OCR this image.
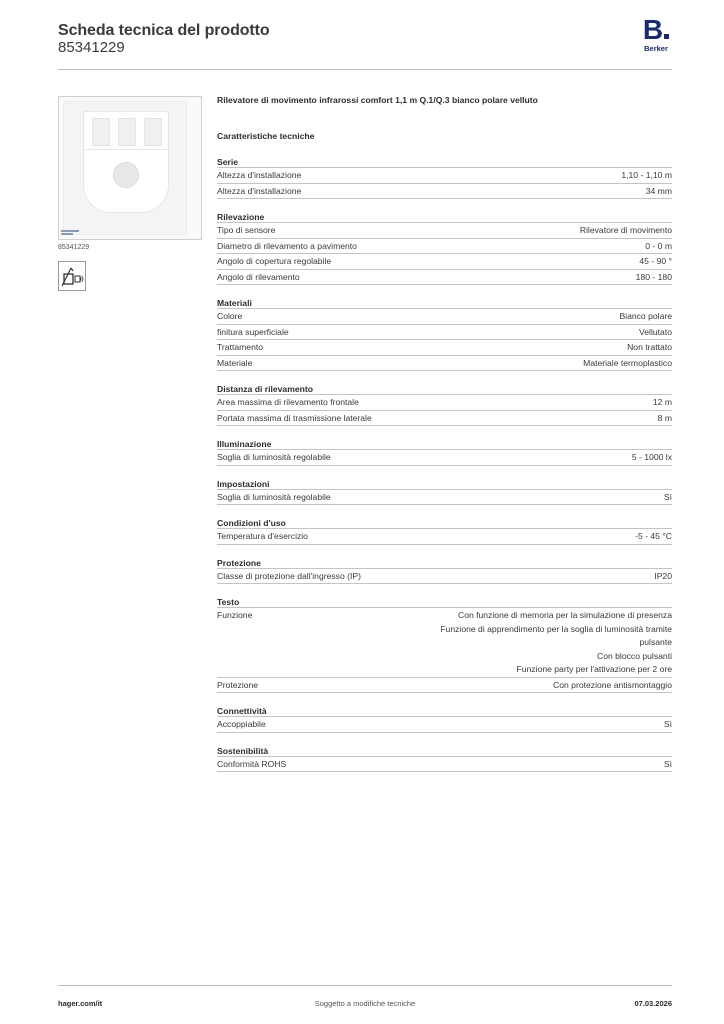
Scheda tecnica del prodotto
85341229
B
Berker
85341229
Rilevatore di movimento infrarossi comfort 1,1 m Q.1/Q.3 bianco polare velluto
Caratteristiche tecniche
Serie
Altezza d'installazione	1,10 - 1,10 m
Altezza d'installazione	34 mm
Rilevazione
Tipo di sensore	Rilevatore di movimento
Diametro di rilevamento a pavimento	0 - 0 m
Angolo di copertura regolabile	45 - 90 °
Angolo di rilevamento	180 - 180
Materiali
Colore	Bianco polare
finitura superficiale	Vellutato
Trattamento	Non trattato
Materiale	Materiale termoplastico
Distanza di rilevamento
Area massima di rilevamento frontale	12 m
Portata massima di trasmissione laterale	8 m
Illuminazione
Soglia di luminosità regolabile	5 - 1000 lx
Impostazioni
Soglia di luminosità regolabile	Sì
Condizioni d'uso
Temperatura d'esercizio	-5 - 45 °C
Protezione
Classe di protezione dall'ingresso (IP)	IP20
Testo
Funzione	Con funzione di memoria per la simulazione di presenza
Funzione di apprendimento per la soglia di luminosità tramite
pulsante
Con blocco pulsanti
Funzione party per l'attivazione per 2 ore
Protezione	Con protezione antismontaggio
Connettività
Accoppiabile	Sì
Sostenibilità
Conformità ROHS	Sì
hager.com/it	Soggetto a modifiche tecniche	07.03.2026
